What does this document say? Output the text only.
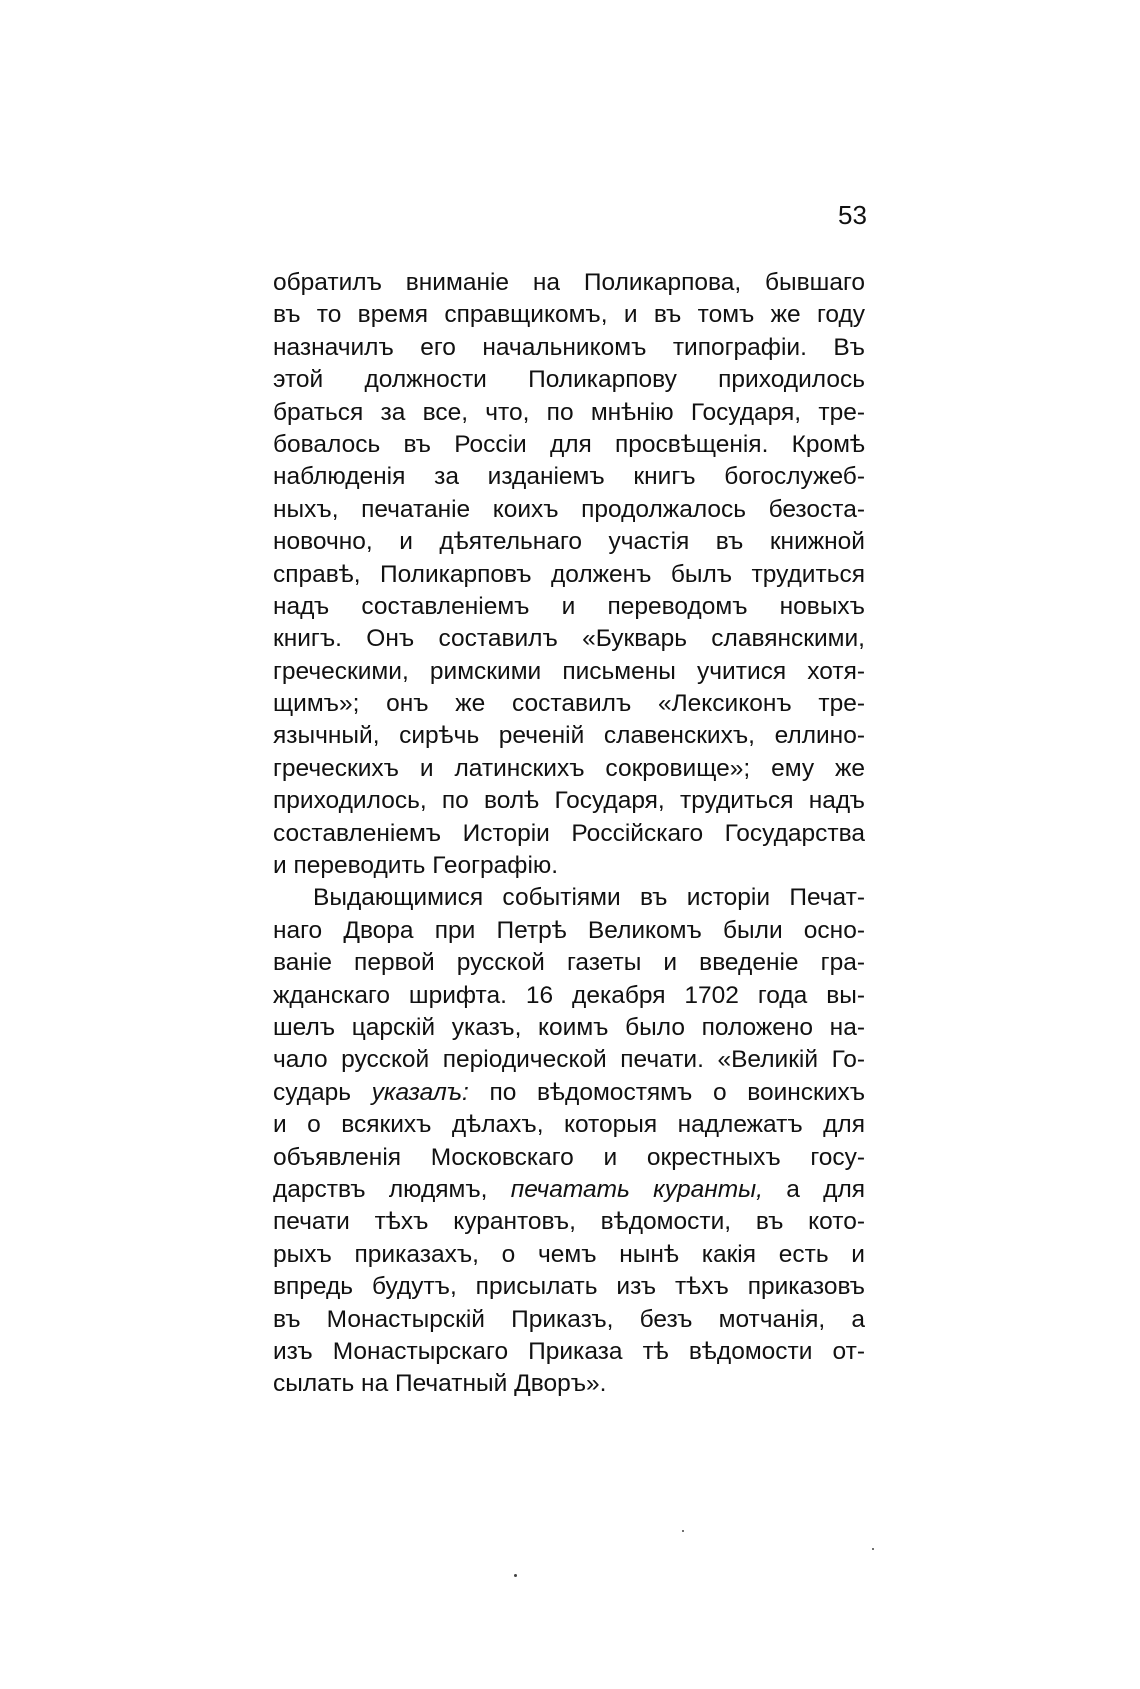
53
обратилъ вниманіе на Поликарпова, бывшаго
въ то время справщикомъ, и въ томъ же году
назначилъ его начальникомъ типографіи. Въ
этой должности Поликарпову приходилось
браться за все, что, по мнѣнію Государя, тре-
бовалось въ Россіи для просвѣщенія. Кромѣ
наблюденія за изданіемъ книгъ богослужеб-
ныхъ, печатаніе коихъ продолжалось безоста-
новочно, и дѣятельнаго участія въ книжной
справѣ, Поликарповъ долженъ былъ трудиться
надъ составленіемъ и переводомъ новыхъ
книгъ. Онъ составилъ «Букварь славянскими,
греческими, римскими письмены учитися хотя-
щимъ»; онъ же составилъ «Лексиконъ тре-
язычный, сирѣчь реченій славенскихъ, еллино-
греческихъ и латинскихъ сокровище»; ему же
приходилось, по волѣ Государя, трудиться надъ
составленіемъ Исторіи Россійскаго Государства
и переводить Географію.
Выдающимися событіями въ исторіи Печат-
наго Двора при Петрѣ Великомъ были осно-
ваніе первой русской газеты и введеніе гра-
жданскаго шрифта. 16 декабря 1702 года вы-
шелъ царскій указъ, коимъ было положено на-
чало русской періодической печати. «Великій Го-
сударь указалъ: по вѣдомостямъ о воинскихъ
и о всякихъ дѣлахъ, которыя надлежатъ для
объявленія Московскаго и окрестныхъ госу-
дарствъ людямъ, печатать куранты, а для
печати тѣхъ курантовъ, вѣдомости, въ кото-
рыхъ приказахъ, о чемъ нынѣ какія есть и
впредь будутъ, присылать изъ тѣхъ приказовъ
въ Монастырскій Приказъ, безъ мотчанія, а
изъ Монастырскаго Приказа тѣ вѣдомости от-
сылать на Печатный Дворъ».
